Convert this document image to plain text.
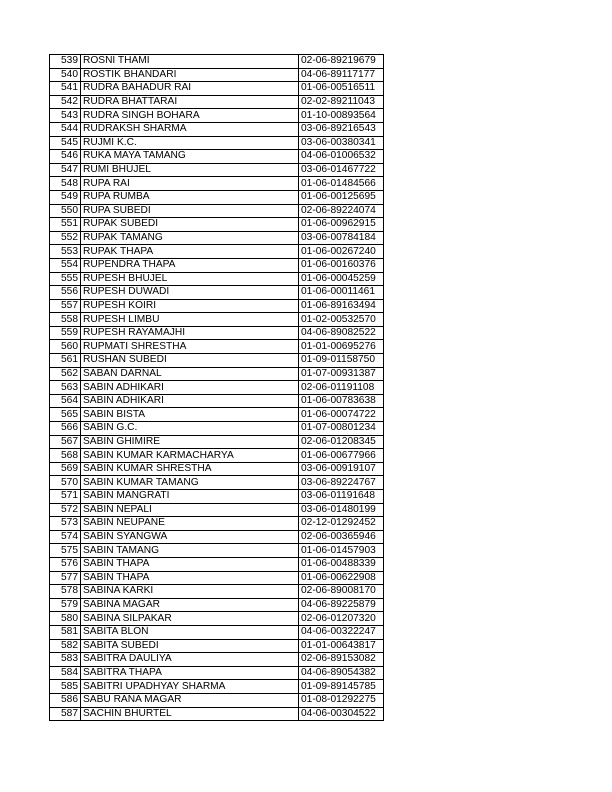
539	ROSNI THAMI	02-06-89219679
540	ROSTIK BHANDARI	04-06-89117177
541	RUDRA BAHADUR RAI	01-06-00516511
542	RUDRA BHATTARAI	02-02-89211043
543	RUDRA SINGH BOHARA	01-10-00893564
544	RUDRAKSH SHARMA	03-06-89216543
545	RUJMI K.C.	03-06-00380341
546	RUKA MAYA TAMANG	04-06-01006532
547	RUMI BHUJEL	03-06-01467722
548	RUPA RAI	01-06-01484566
549	RUPA RUMBA	01-06-00125695
550	RUPA SUBEDI	02-06-89224074
551	RUPAK SUBEDI	01-06-00962915
552	RUPAK TAMANG	03-06-00784184
553	RUPAK THAPA	01-06-00267240
554	RUPENDRA THAPA	01-06-00160376
555	RUPESH BHUJEL	01-06-00045259
556	RUPESH DUWADI	01-06-00011461
557	RUPESH KOIRI	01-06-89163494
558	RUPESH LIMBU	01-02-00532570
559	RUPESH RAYAMAJHI	04-06-89082522
560	RUPMATI SHRESTHA	01-01-00695276
561	RUSHAN SUBEDI	01-09-01158750
562	SABAN DARNAL	01-07-00931387
563	SABIN ADHIKARI	02-06-01191108
564	SABIN ADHIKARI	01-06-00783638
565	SABIN BISTA	01-06-00074722
566	SABIN G.C.	01-07-00801234
567	SABIN GHIMIRE	02-06-01208345
568	SABIN KUMAR KARMACHARYA	01-06-00677966
569	SABIN KUMAR SHRESTHA	03-06-00919107
570	SABIN KUMAR TAMANG	03-06-89224767
571	SABIN MANGRATI	03-06-01191648
572	SABIN NEPALI	03-06-01480199
573	SABIN NEUPANE	02-12-01292452
574	SABIN SYANGWA	02-06-00365946
575	SABIN TAMANG	01-06-01457903
576	SABIN THAPA	01-06-00488339
577	SABIN THAPA	01-06-00622908
578	SABINA KARKI	02-06-89008170
579	SABINA MAGAR	04-06-89225879
580	SABINA SILPAKAR	02-06-01207320
581	SABITA BLON	04-06-00322247
582	SABITA SUBEDI	01-01-00643817
583	SABITRA DAULIYA	02-06-89153082
584	SABITRA THAPA	04-06-89054382
585	SABITRI UPADHYAY SHARMA	01-09-89145785
586	SABU RANA MAGAR	01-08-01292275
587	SACHIN BHURTEL	04-06-00304522
